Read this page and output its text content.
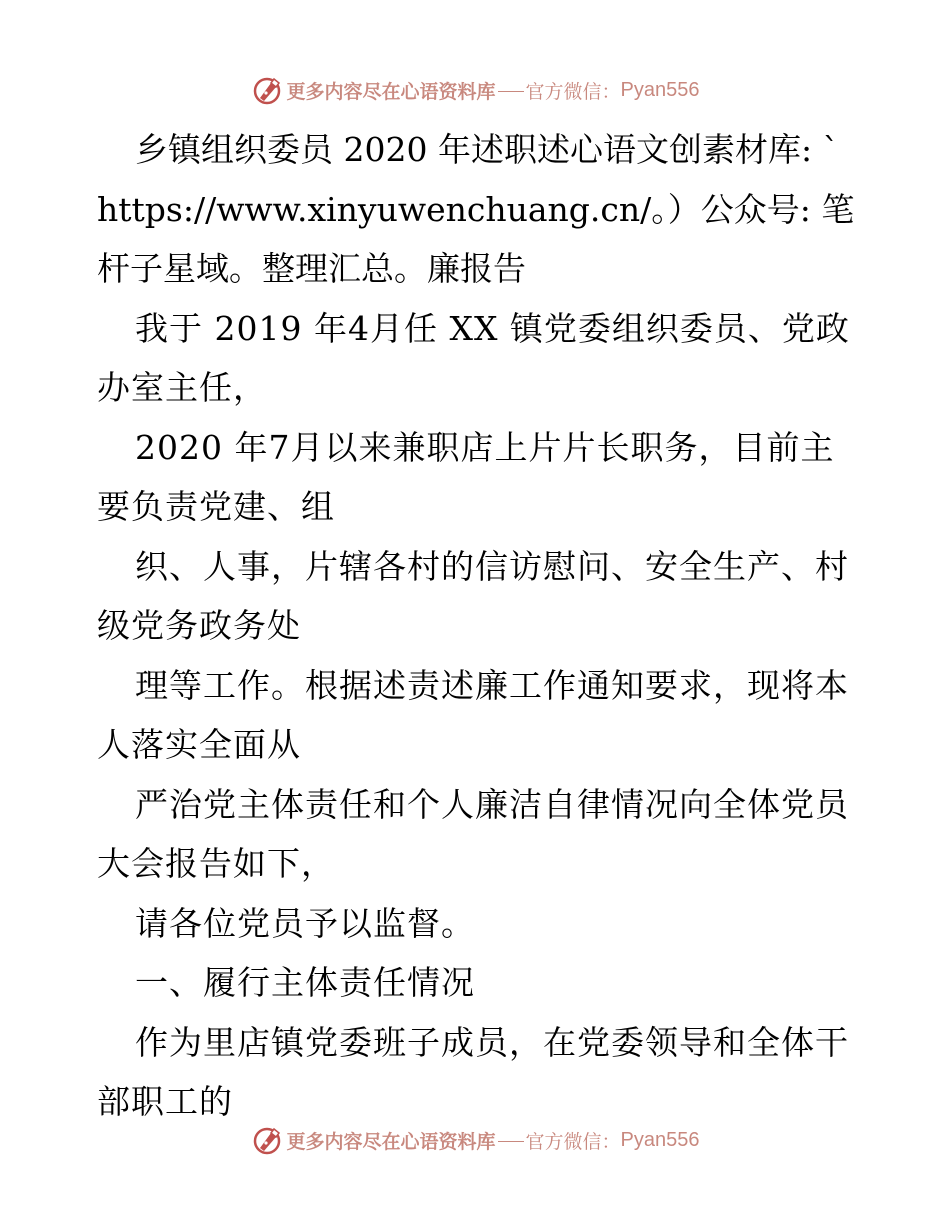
更多内容尽在心语资料库 官方微信： Pyan556

乡镇组织委员 2020 年述职述心语文创素材库: `https://www.xinyuwenchuang.cn/。）公众号: 笔杆子星域。整理汇总。廉报告

我于 2019 年4月任 XX 镇党委组织委员、党政办室主任，

2020 年7月以来兼职店上片片长职务，目前主要负责党建、组

织、人事，片辖各村的信访慰问、安全生产、村级党务政务处

理等工作。根据述责述廉工作通知要求，现将本人落实全面从

严治党主体责任和个人廉洁自律情况向全体党员大会报告如下，

请各位党员予以监督。

一、履行主体责任情况

作为里店镇党委班子成员，在党委领导和全体干部职工的

更多内容尽在心语资料库 官方微信： Pyan556
